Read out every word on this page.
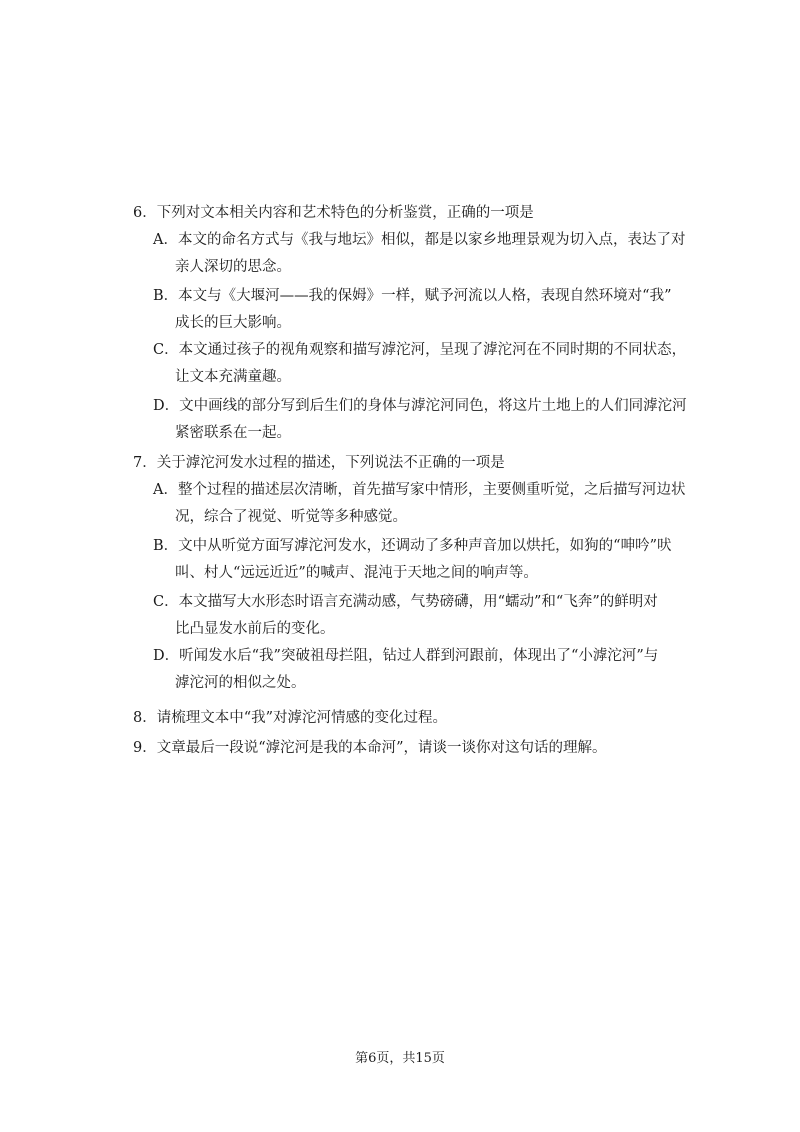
6．下列对文本相关内容和艺术特色的分析鉴赏，正确的一项是
A．本文的命名方式与《我与地坛》相似，都是以家乡地理景观为切入点，表达了对
亲人深切的思念。
B．本文与《大堰河——我的保姆》一样，赋予河流以人格，表现自然环境对“我”
成长的巨大影响。
C．本文通过孩子的视角观察和描写滹沱河，呈现了滹沱河在不同时期的不同状态，
让文本充满童趣。
D．文中画线的部分写到后生们的身体与滹沱河同色，将这片土地上的人们同滹沱河
紧密联系在一起。
7．关于滹沱河发水过程的描述，下列说法不正确的一项是
A．整个过程的描述层次清晰，首先描写家中情形，主要侧重听觉，之后描写河边状
况，综合了视觉、听觉等多种感觉。
B．文中从听觉方面写滹沱河发水，还调动了多种声音加以烘托，如狗的“呻吟”吠
叫、村人“远远近近”的喊声、混沌于天地之间的响声等。
C．本文描写大水形态时语言充满动感，气势磅礴，用“蠕动”和“飞奔”的鲜明对
比凸显发水前后的变化。
D．听闻发水后“我”突破祖母拦阻，钻过人群到河跟前，体现出了“小滹沱河”与
滹沱河的相似之处。
8．请梳理文本中“我”对滹沱河情感的变化过程。
9．文章最后一段说“滹沱河是我的本命河”，请谈一谈你对这句话的理解。
第6页，共15页
